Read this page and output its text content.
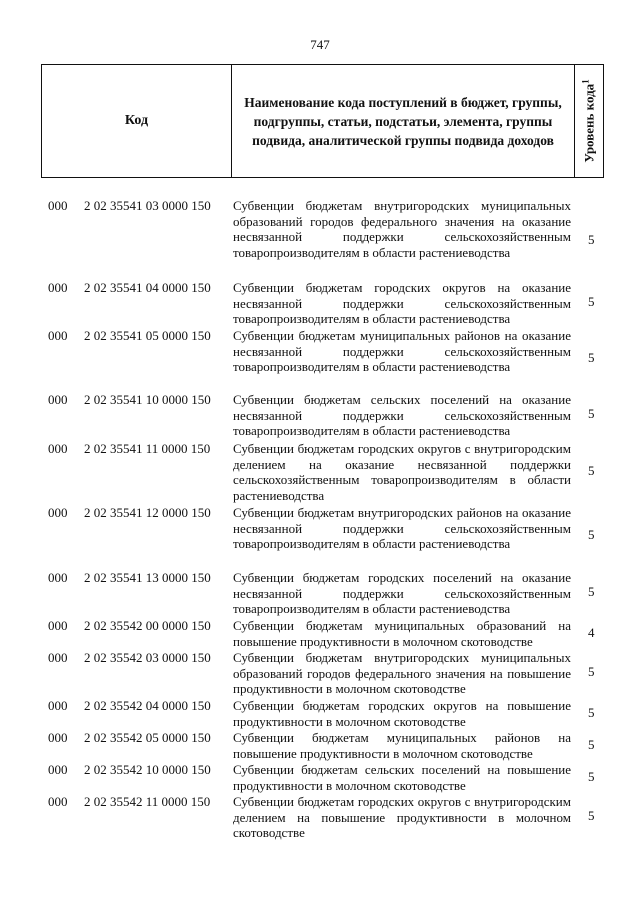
747
Код
Наименование кода поступлений в бюджет, группы, подгруппы, статьи, подстатьи, элемента, группы подвида, аналитической группы подвида доходов	Уровень кода$^1$
000 2 02 35541 03 0000 150 Субвенции бюджетам внутригородских муниципальных образований городов федерального значения на оказание несвязанной поддержки сельскохозяйственным товаропроизводителям в области растениеводства
5
000 2 02 35541 04 0000 150 Субвенции бюджетам городских округов на оказание несвязанной поддержки сельскохозяйственным товаропроизводителям в области растениеводства
5
000 2 02 35541 05 0000 150 Субвенции бюджетам муниципальных районов на оказание несвязанной поддержки сельскохозяйственным товаропроизводителям в области растениеводства
5
000 2 02 35541 10 0000 150 Субвенции бюджетам сельских поселений на оказание несвязанной поддержки сельскохозяйственным товаропроизводителям в области растениеводства
5
000 2 02 35541 11 0000 150 Субвенции бюджетам городских округов с внутригородским делением на оказание несвязанной поддержки сельскохозяйственным товаропроизводителям в области растениеводства
5
000 2 02 35541 12 0000 150 Субвенции бюджетам внутригородских районов на оказание несвязанной поддержки сельскохозяйственным товаропроизводителям в области растениеводства
5
000 2 02 35541 13 0000 150 Субвенции бюджетам городских поселений на оказание несвязанной поддержки сельскохозяйственным товаропроизводителям в области растениеводства
5
000 2 02 35542 00 0000 150 Субвенции бюджетам муниципальных образований на повышение продуктивности в молочном скотоводстве
4
000 2 02 35542 03 0000 150 Субвенции бюджетам внутригородских муниципальных образований городов федерального значения на повышение продуктивности в молочном скотоводстве
5
000 2 02 35542 04 0000 150 Субвенции бюджетам городских округов на повышение продуктивности в молочном скотоводстве
5
000 2 02 35542 05 0000 150 Субвенции бюджетам муниципальных районов на повышение продуктивности в молочном скотоводстве
5
000 2 02 35542 10 0000 150 Субвенции бюджетам сельских поселений на повышение продуктивности в молочном скотоводстве
5
000 2 02 35542 11 0000 150 Субвенции бюджетам городских округов с внутригородским делением на повышение продуктивности в молочном скотоводстве
5
